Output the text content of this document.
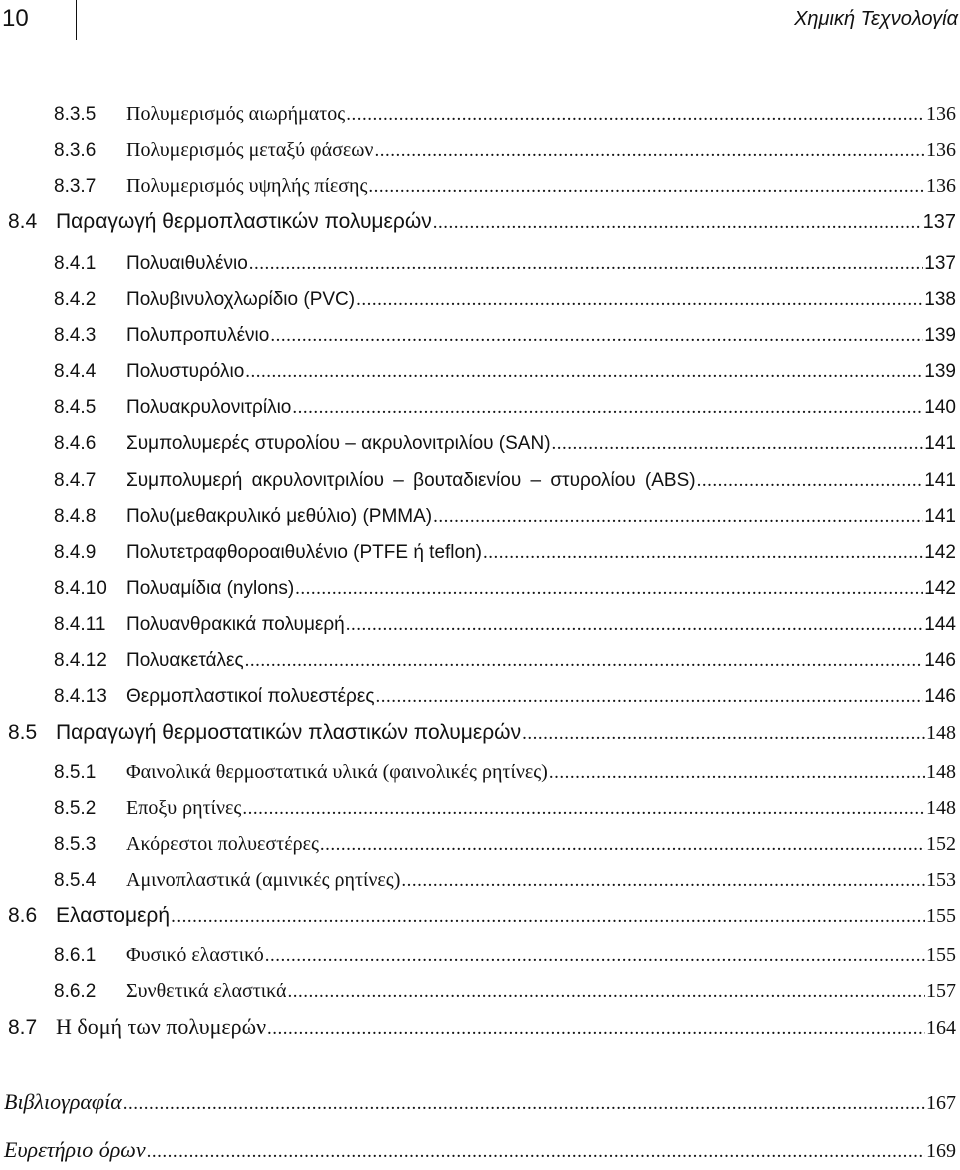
10	Χημική Τεχνολογία
8.3.5	Πολυμερισμός αιωρήματος .....	136
8.3.6	Πολυμερισμός μεταξύ φάσεων .....	136
8.3.7	Πολυμερισμός υψηλής πίεσης .....	136
8.4 Παραγωγή θερμοπλαστικών πολυμερών .....	137
8.4.1	Πολυαιθυλένιο .....	137
8.4.2	Πολυβινυλοχλωρίδιο (PVC) .....	138
8.4.3	Πολυπροπυλένιο .....	139
8.4.4	Πολυστυρόλιο .....	139
8.4.5	Πολυακρυλονιτρίλιο .....	140
8.4.6	Συμπολυμερές στυρολίου – ακρυλονιτριλίου (SAN) .....	141
8.4.7	Συμπολυμερή ακρυλονιτριλίου – βουταδιενίου – στυρολίου (ABS) .....	141
8.4.8	Πολυ(μεθακρυλικό μεθύλιο) (PMMA) .....	141
8.4.9	Πολυτετραφθοροαιθυλένιο (PTFE ή teflon) .....	142
8.4.10	Πολυαμίδια (nylons) .....	142
8.4.11	Πολυανθρακικά πολυμερή .....	144
8.4.12	Πολυακετάλες .....	146
8.4.13	Θερμοπλαστικοί πολυεστέρες .....	146
8.5 Παραγωγή θερμοστατικών πλαστικών πολυμερών .....	148
8.5.1	Φαινολικά θερμοστατικά υλικά (φαινολικές ρητίνες) .....	148
8.5.2	Εποξυ ρητίνες .....	148
8.5.3	Ακόρεστοι πολυεστέρες .....	152
8.5.4	Αμινοπλαστικά (αμινικές ρητίνες) .....	153
8.6 Ελαστομερή .....	155
8.6.1	Φυσικό ελαστικό .....	155
8.6.2	Συνθετικά ελαστικά .....	157
8.7 Η δομή των πολυμερών .....	164
Βιβλιογραφία .....	167
Ευρετήριο όρων .....	169
